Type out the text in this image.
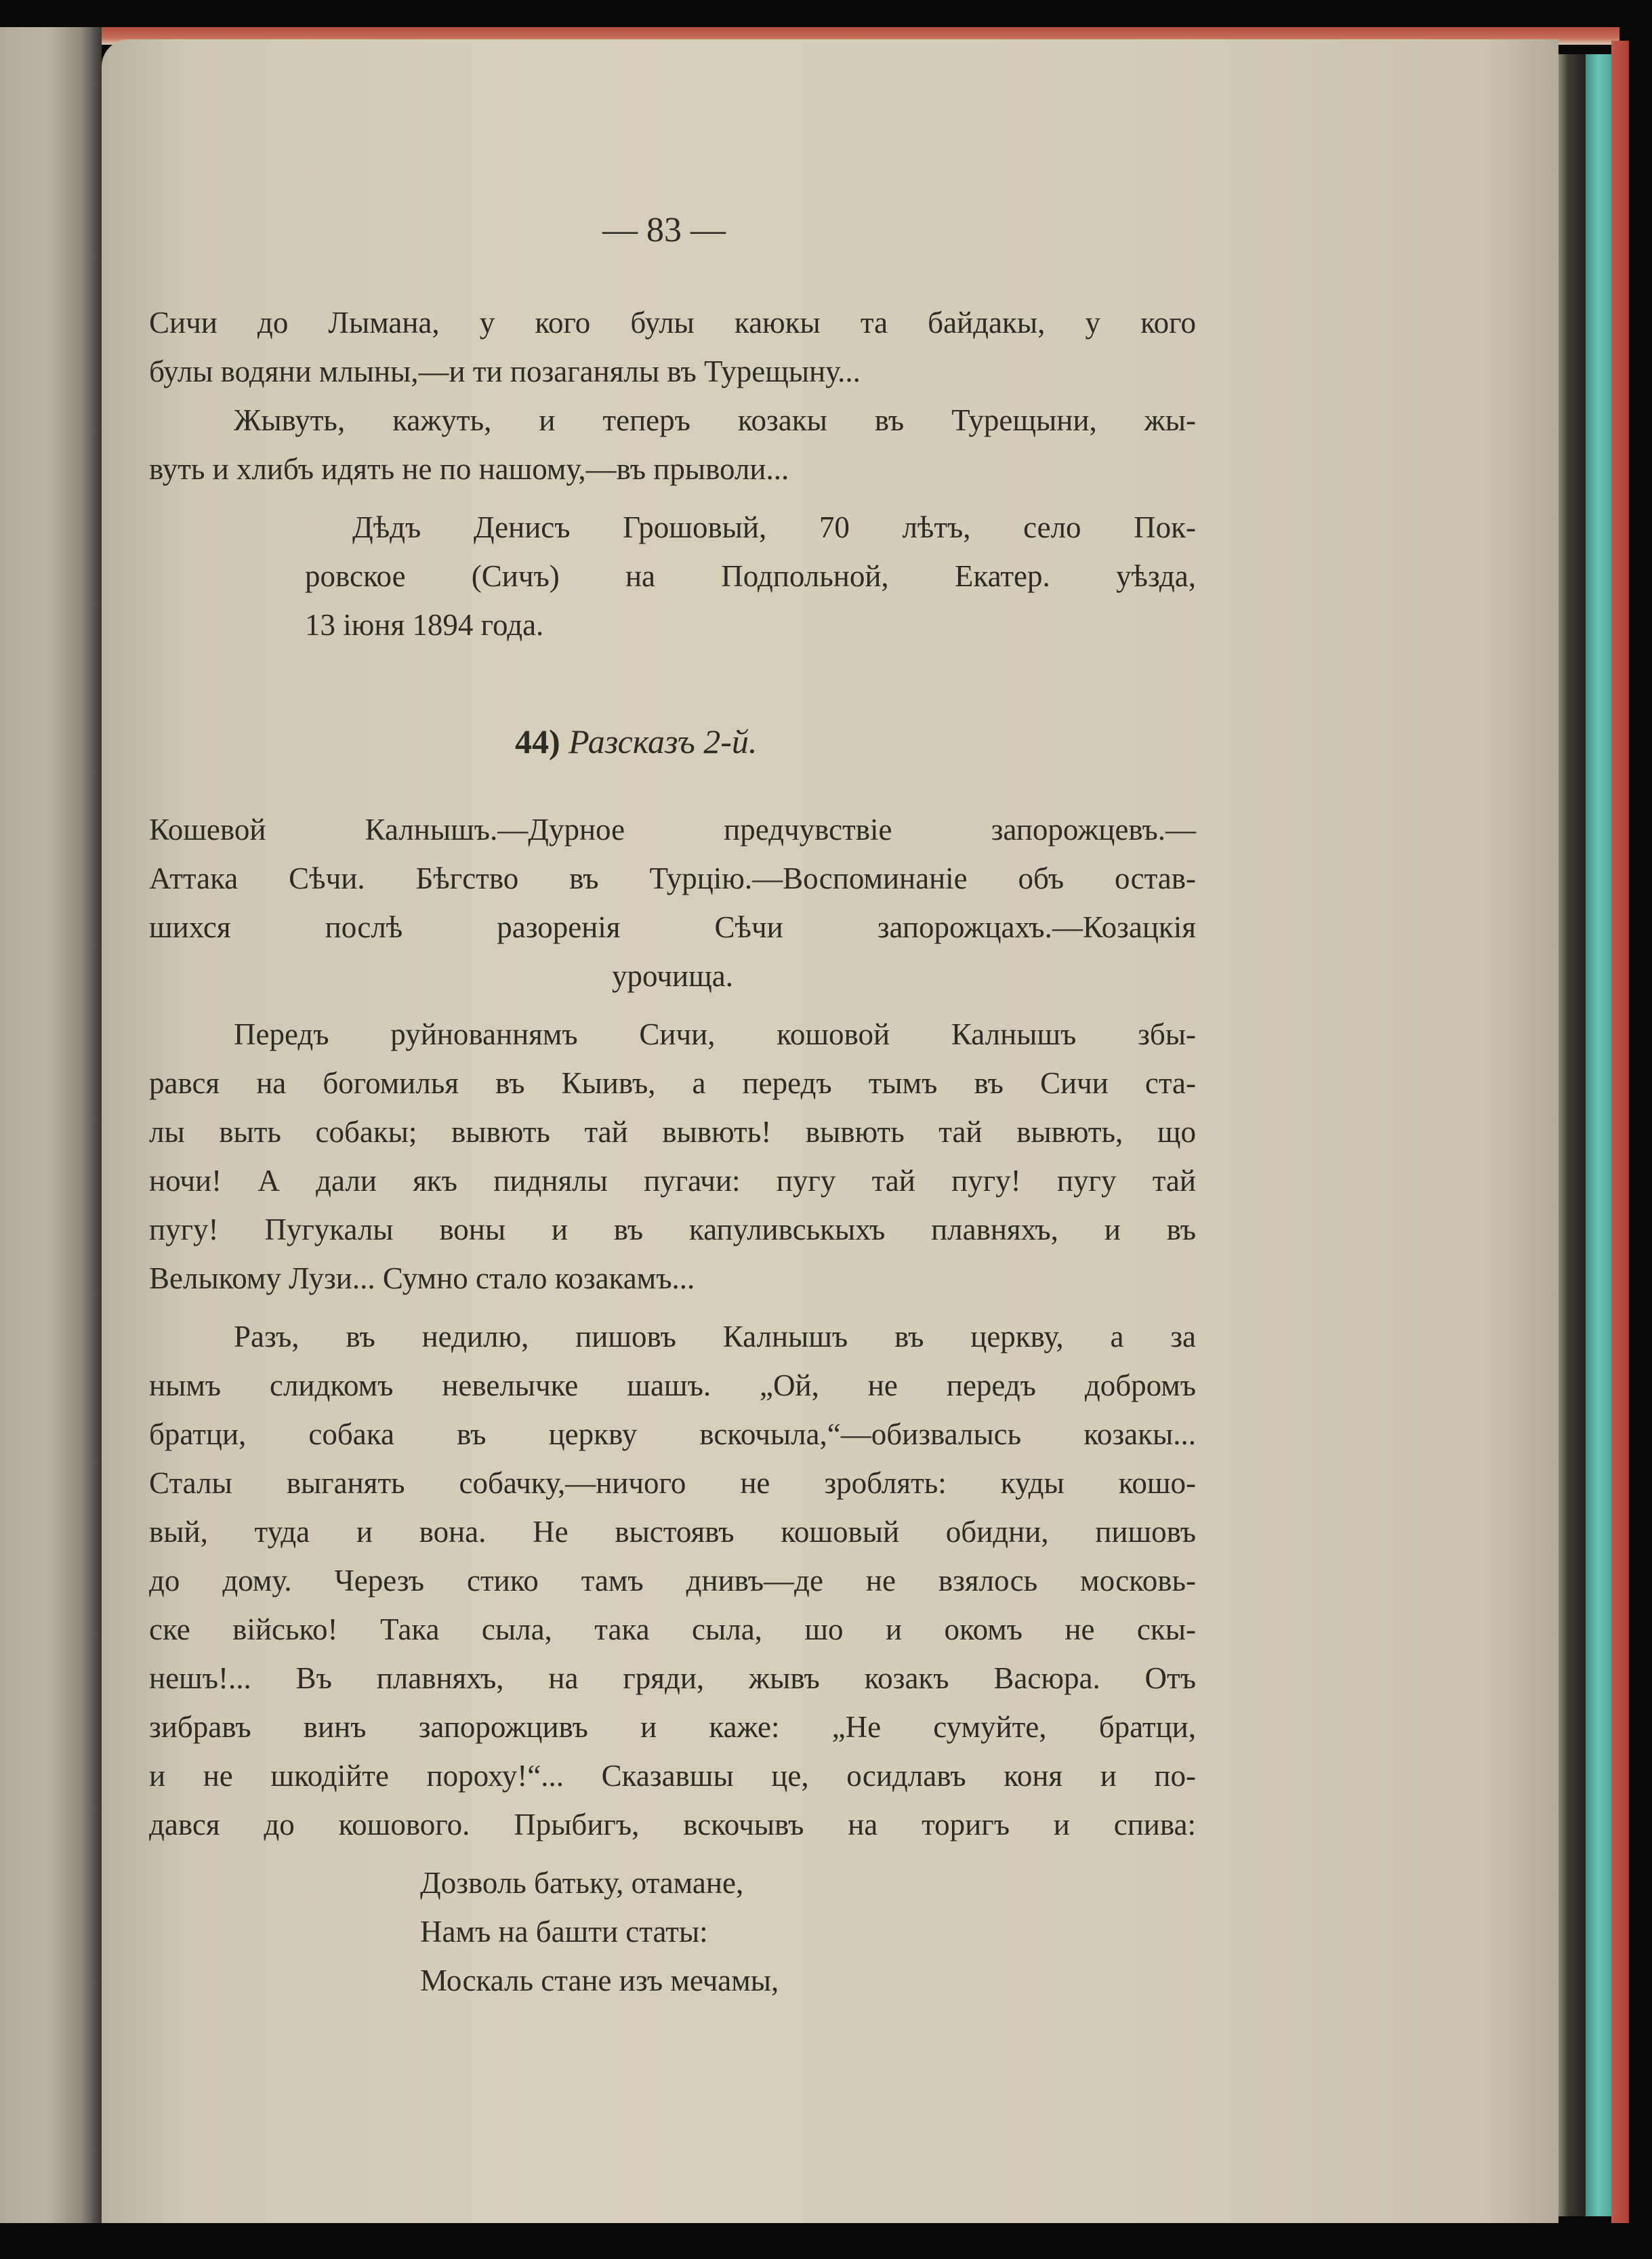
— 83 —
Сичи до Лымана, у кого булы каюкы та байдакы, у кого
булы водяни млыны,—и ти позаганялы въ Турещыну...
Жывуть, кажуть, и теперъ козакы въ Турещыни, жы-
вуть и хлибъ идять не по нашому,—въ прыволи...
Дѣдъ Денисъ Грошовый, 70 лѣтъ, село Пок-
ровское (Сичъ) на Подпольной, Екатер. уѣзда,
13 іюня 1894 года.
44) Разсказъ 2-й.
Кошевой Калнышъ.—Дурное предчувствіе запорожцевъ.—
Аттака Сѣчи. Бѣгство въ Турцію.—Воспоминаніе объ остав-
шихся послѣ разоренія Сѣчи запорожцахъ.—Козацкія
урочища.
Передъ руйнованнямъ Сичи, кошовой Калнышъ збы-
рався на богомилья въ Кыивъ, а передъ тымъ въ Сичи ста-
лы выть собакы; вывють тай вывють! вывють тай вывють, що
ночи! А дали якъ пиднялы пугачи: пугу тай пугу! пугу тай
пугу! Пугукалы воны и въ капуливськыхъ плавняхъ, и въ
Велыкому Лузи... Сумно стало козакамъ...
Разъ, въ недилю, пишовъ Калнышъ въ церкву, а за
нымъ слидкомъ невелычке шашъ. „Ой, не передъ добромъ
братци, собака въ церкву вскочыла,“—обизвалысь козакы...
Сталы выганять собачку,—ничого не зроблять: куды кошо-
вый, туда и вона. Не выстоявъ кошовый обидни, пишовъ
до дому. Черезъ стико тамъ днивъ—де не взялось московь-
ске військо! Така сыла, така сыла, шо и окомъ не скы-
нешъ!... Въ плавняхъ, на гряди, жывъ козакъ Васюра. Отъ
зибравъ винъ запорожцивъ и каже: „Не сумуйте, братци,
и не шкодійте пороху!“... Сказавшы це, осидлавъ коня и по-
дався до кошового. Прыбигъ, вскочывъ на торигъ и спива:
Дозволь батьку, отамане,
Намъ на башти статы:
Москаль стане изъ мечамы,
